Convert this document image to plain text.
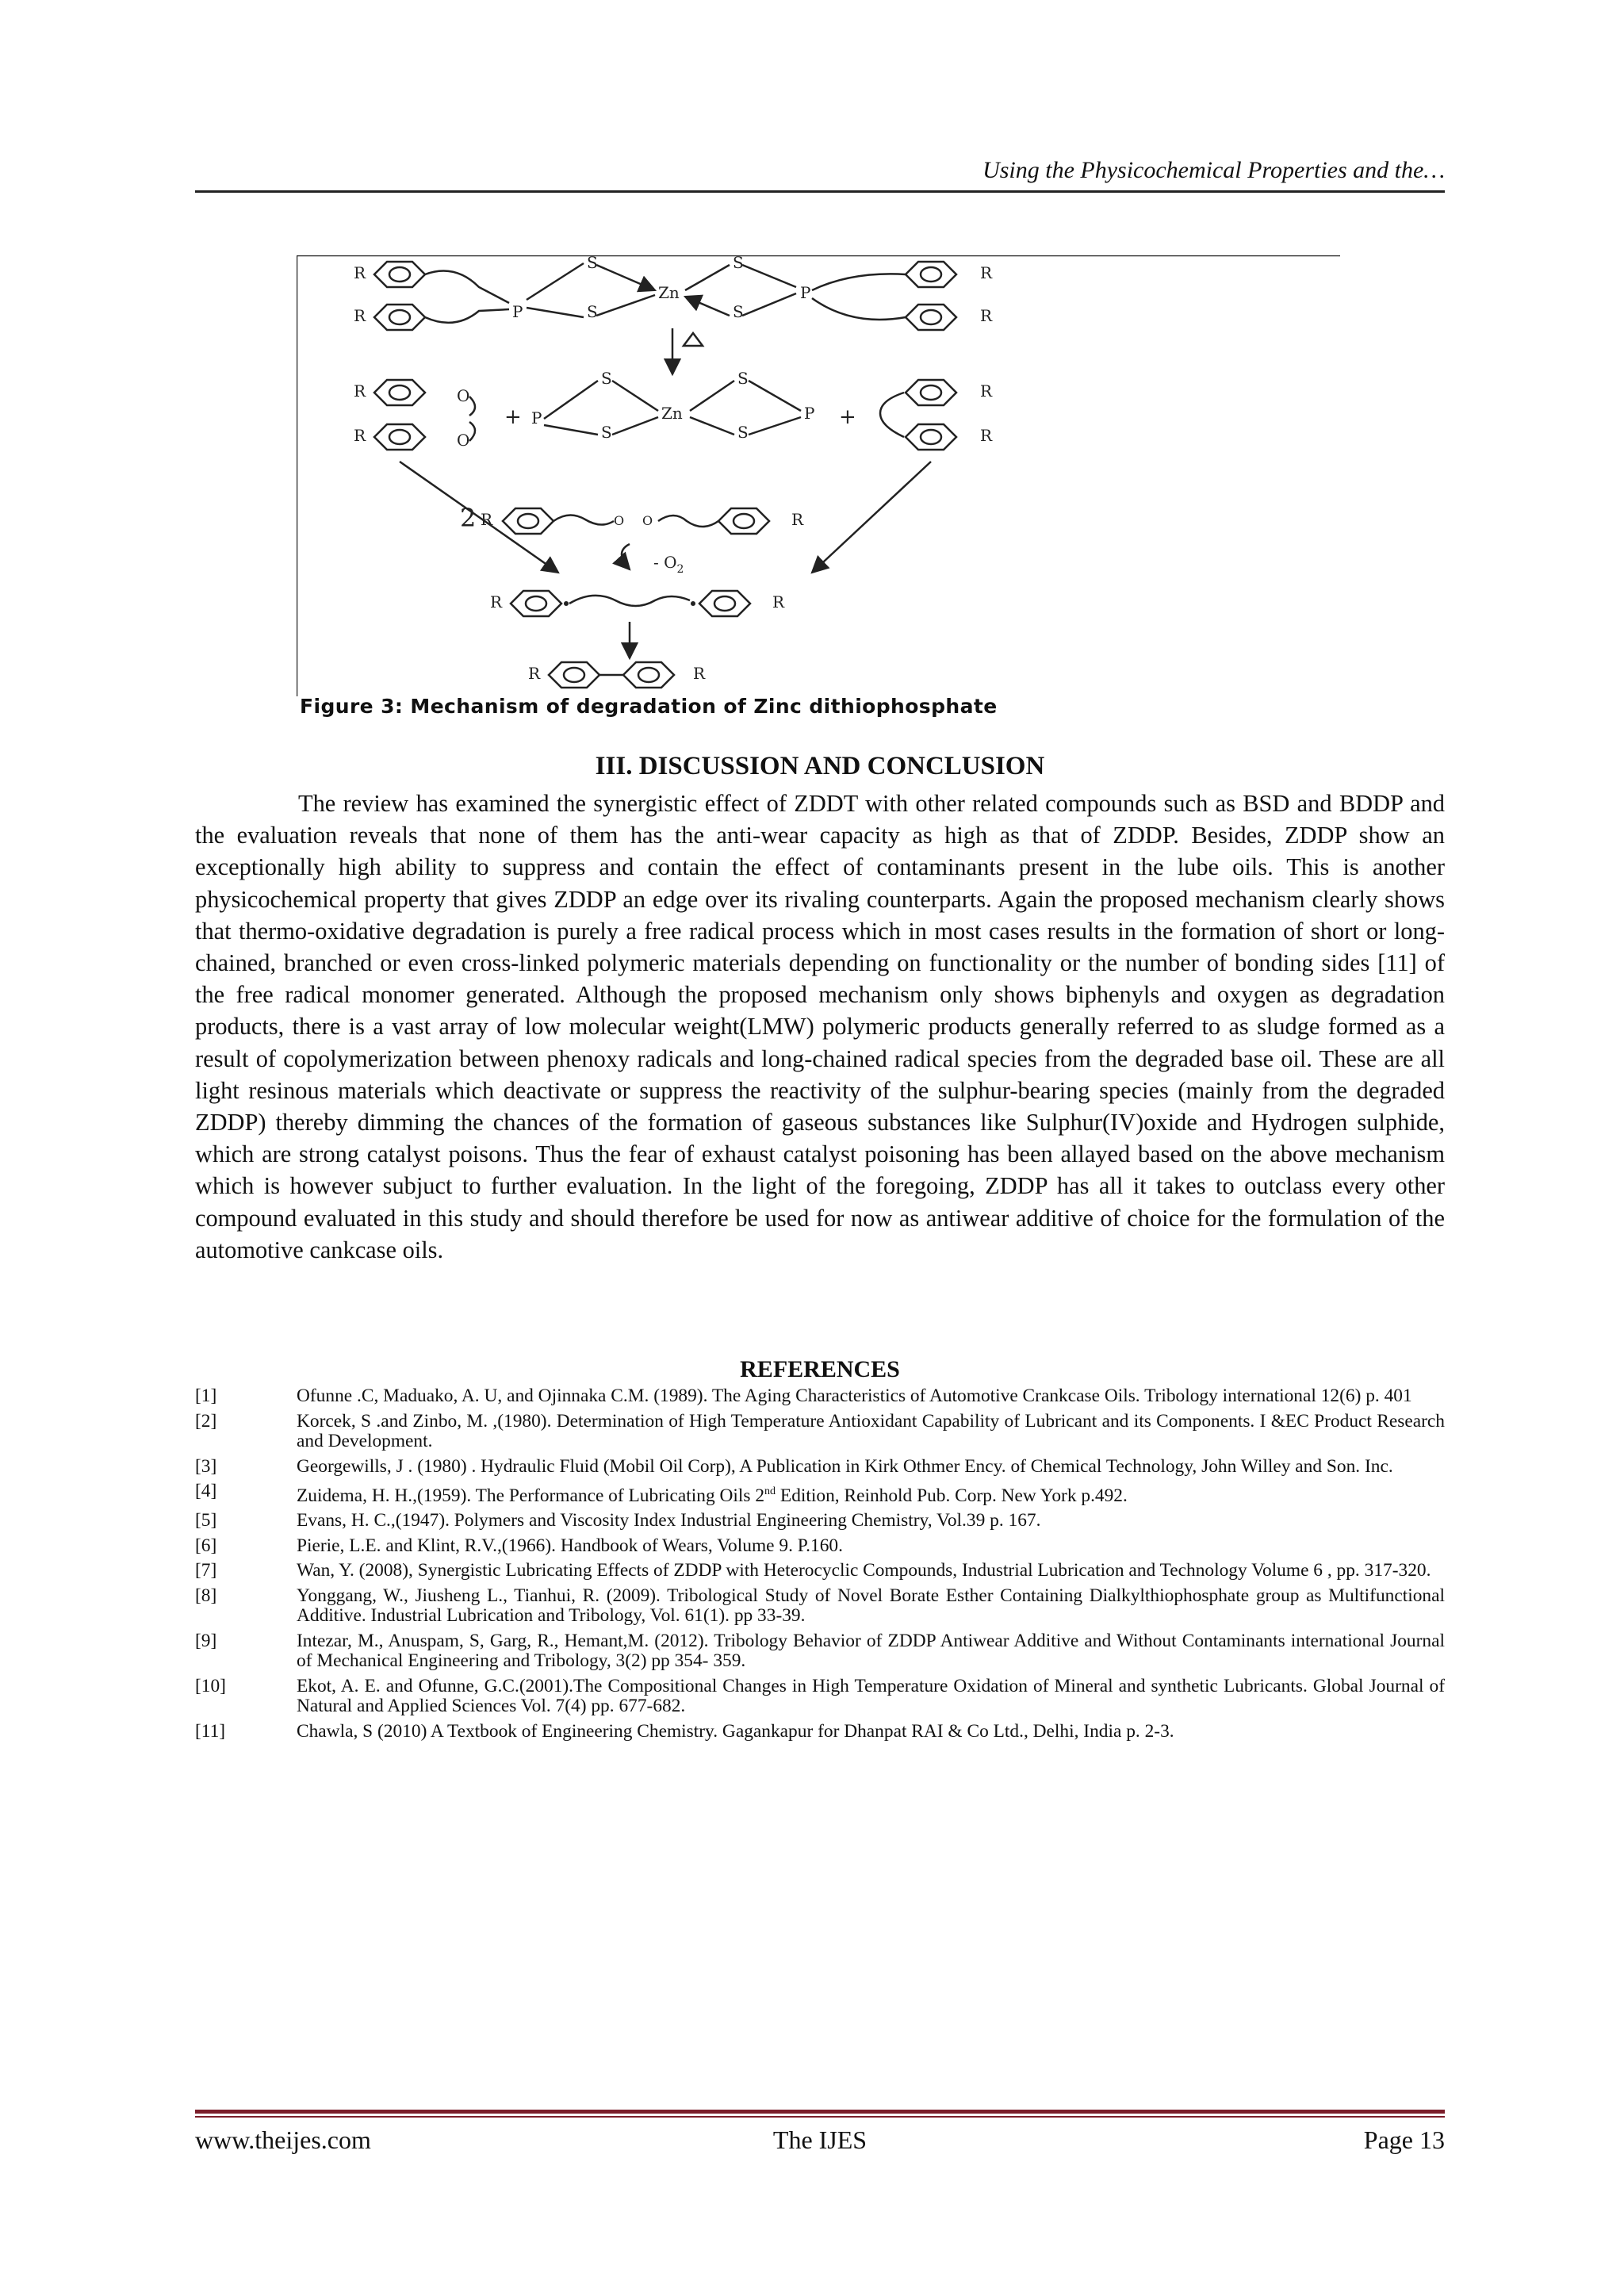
Using the Physicochemical Properties and the…
R
R	P
S
S
Zn
S
S
P
R
R
R
R
O
O
+ P
S
S
Zn
S
S
P +
R
R
2 R	O O	R
- $O_2$
R	R
R	R
Figure 3: Mechanism of degradation of Zinc dithiophosphate
III. DISCUSSION AND CONCLUSION
The review has examined the synergistic effect of ZDDT with other related compounds such as BSD and BDDP and the evaluation reveals that none of them has the anti-wear capacity as high as that of ZDDP. Besides, ZDDP show an exceptionally high ability to suppress and contain the effect of contaminants present in the lube oils. This is another physicochemical property that gives ZDDP an edge over its rivaling counterparts. Again the proposed mechanism clearly shows that thermo-oxidative degradation is purely a free radical process which in most cases results in the formation of short or long-chained, branched or even cross-linked polymeric materials depending on functionality or the number of bonding sides [11] of the free radical monomer generated. Although the proposed mechanism only shows biphenyls and oxygen as degradation products, there is a vast array of low molecular weight(LMW) polymeric products generally referred to as sludge formed as a result of copolymerization between phenoxy radicals and long-chained radical species from the degraded base oil. These are all light resinous materials which deactivate or suppress the reactivity of the sulphur-bearing species (mainly from the degraded ZDDP) thereby dimming the chances of the formation of gaseous substances like Sulphur(IV)oxide and Hydrogen sulphide, which are strong catalyst poisons. Thus the fear of exhaust catalyst poisoning has been allayed based on the above mechanism which is however subjuct to further evaluation. In the light of the foregoing, ZDDP has all it takes to outclass every other compound evaluated in this study and should therefore be used for now as antiwear additive of choice for the formulation of the automotive cankcase oils.
REFERENCES
[1]	Ofunne .C, Maduako, A. U, and Ojinnaka C.M. (1989). The Aging Characteristics of Automotive Crankcase Oils. Tribology international 12(6) p. 401
[2]	Korcek, S .and Zinbo, M. ,(1980). Determination of High Temperature Antioxidant Capability of Lubricant and its Components. I &EC Product Research and Development.
[3]	Georgewills, J . (1980) . Hydraulic Fluid (Mobil Oil Corp), A Publication in Kirk Othmer Ency. of Chemical Technology, John Willey and Son. Inc.
[4]	Zuidema, H. H.,(1959). The Performance of Lubricating Oils 2nd Edition, Reinhold Pub. Corp. New York p.492.
[5]	Evans, H. C.,(1947). Polymers and Viscosity Index Industrial Engineering Chemistry, Vol.39 p. 167.
[6]	Pierie, L.E. and Klint, R.V.,(1966). Handbook of Wears, Volume 9. P.160.
[7]	Wan, Y. (2008), Synergistic Lubricating Effects of ZDDP with Heterocyclic Compounds, Industrial Lubrication and Technology Volume 6 , pp. 317-320.
[8]	Yonggang, W., Jiusheng L., Tianhui, R. (2009). Tribological Study of Novel Borate Esther Containing Dialkylthiophosphate group as Multifunctional Additive. Industrial Lubrication and Tribology, Vol. 61(1). pp 33-39.
[9]	Intezar, M., Anuspam, S, Garg, R., Hemant,M. (2012). Tribology Behavior of ZDDP Antiwear Additive and Without Contaminants international Journal of Mechanical Engineering and Tribology, 3(2) pp 354- 359.
[10]	Ekot, A. E. and Ofunne, G.C.(2001).The Compositional Changes in High Temperature Oxidation of Mineral and synthetic Lubricants. Global Journal of Natural and Applied Sciences Vol. 7(4) pp. 677-682.
[11]	Chawla, S (2010) A Textbook of Engineering Chemistry. Gagankapur for Dhanpat RAI & Co Ltd., Delhi, India p. 2-3.
www.theijes.com	The IJES	Page 13
